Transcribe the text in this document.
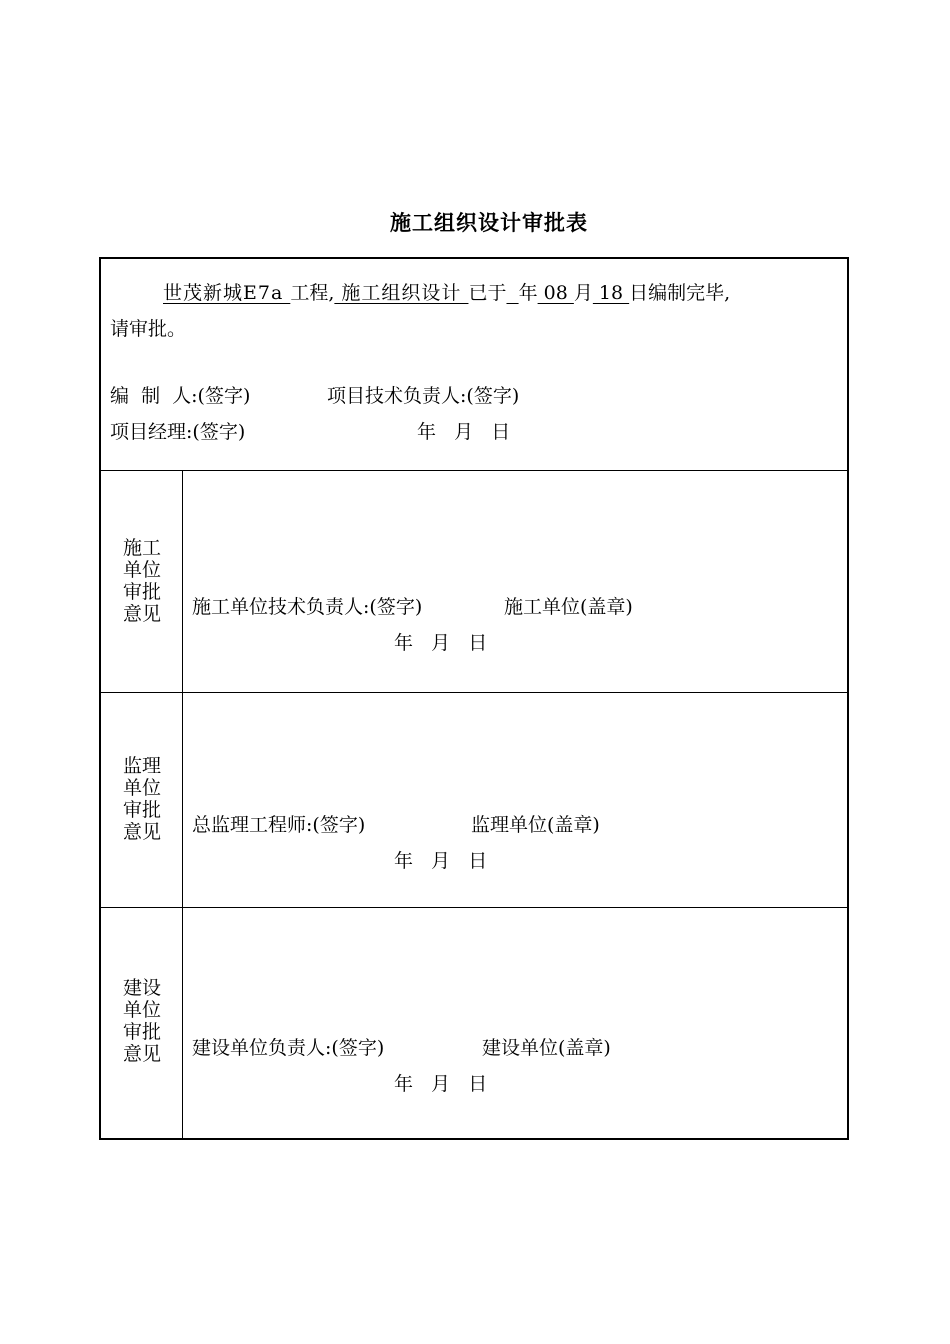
施工组织设计审批表
世茂新城E7a 工程, 施工组织设计 已于 年 08 月 18 日编制完毕,
请审批。
编  制  人:(签字)	项目技术负责人:(签字)
项目经理:(签字)	年   月   日
施工
单位
审批
意见	施工单位技术负责人:(签字)	施工单位(盖章)
年   月   日
监理
单位
审批
意见	总监理工程师:(签字)	监理单位(盖章)
年   月   日
建设
单位
审批
意见	建设单位负责人:(签字)	建设单位(盖章)
年   月   日
